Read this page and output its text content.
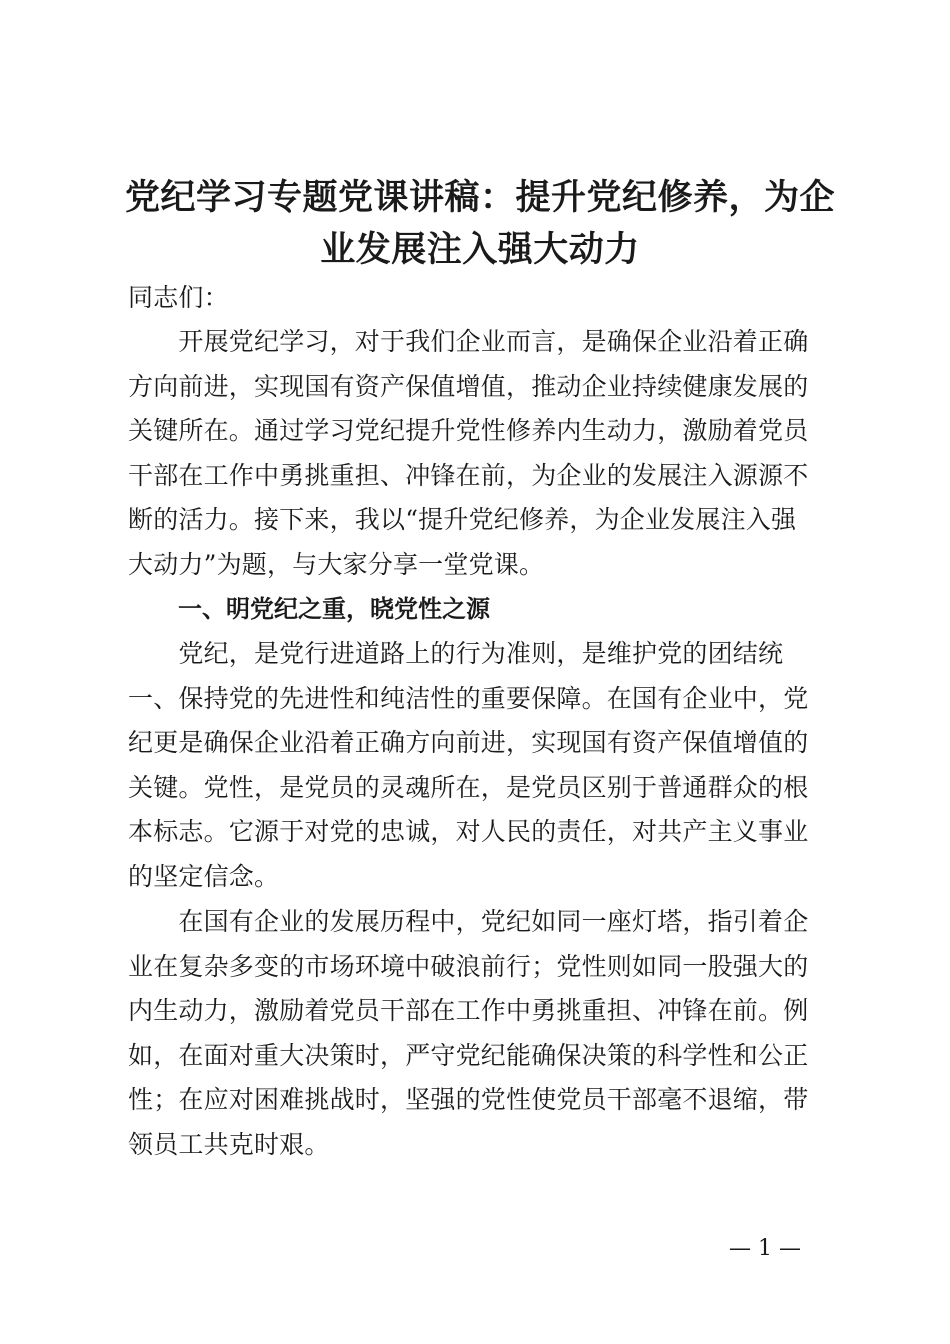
党纪学习专题党课讲稿：提升党纪修养，为企
业发展注入强大动力
同志们：
　　开展党纪学习，对于我们企业而言，是确保企业沿着正确
方向前进，实现国有资产保值增值，推动企业持续健康发展的
关键所在。通过学习党纪提升党性修养内生动力，激励着党员
干部在工作中勇挑重担、冲锋在前，为企业的发展注入源源不
断的活力。接下来，我以“提升党纪修养，为企业发展注入强
大动力”为题，与大家分享一堂党课。
一、明党纪之重，晓党性之源
　　党纪，是党行进道路上的行为准则，是维护党的团结统
一、保持党的先进性和纯洁性的重要保障。在国有企业中，党
纪更是确保企业沿着正确方向前进，实现国有资产保值增值的
关键。党性，是党员的灵魂所在，是党员区别于普通群众的根
本标志。它源于对党的忠诚，对人民的责任，对共产主义事业
的坚定信念。
　　在国有企业的发展历程中，党纪如同一座灯塔，指引着企
业在复杂多变的市场环境中破浪前行；党性则如同一股强大的
内生动力，激励着党员干部在工作中勇挑重担、冲锋在前。例
如，在面对重大决策时，严守党纪能确保决策的科学性和公正
性；在应对困难挑战时，坚强的党性使党员干部毫不退缩，带
领员工共克时艰。
— 1 —
